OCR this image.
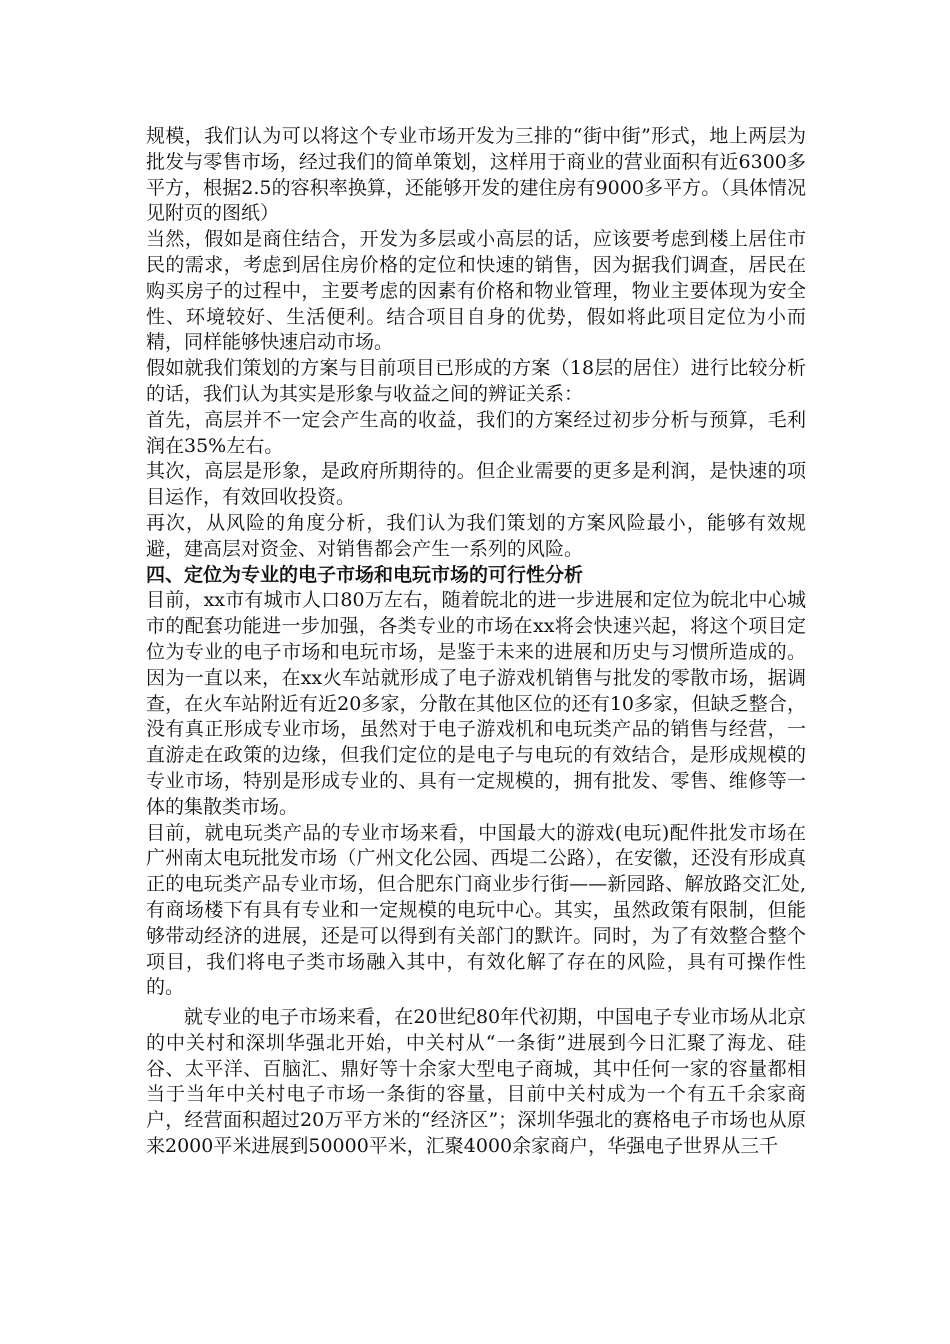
规模，我们认为可以将这个专业市场开发为三排的“街中街”形式，地上两层为批发与零售市场，经过我们的简单策划，这样用于商业的营业面积有近6300多平方，根据2.5的容积率换算，还能够开发的建住房有9000多平方。（具体情况见附页的图纸）

当然，假如是商住结合，开发为多层或小高层的话，应该要考虑到楼上居住市民的需求，考虑到居住房价格的定位和快速的销售，因为据我们调查，居民在购买房子的过程中，主要考虑的因素有价格和物业管理，物业主要体现为安全性、环境较好、生活便利。结合项目自身的优势，假如将此项目定位为小而精，同样能够快速启动市场。

假如就我们策划的方案与目前项目已形成的方案（18层的居住）进行比较分析的话，我们认为其实是形象与收益之间的辨证关系：

首先，高层并不一定会产生高的收益，我们的方案经过初步分析与预算，毛利润在35%左右。

其次，高层是形象，是政府所期待的。但企业需要的更多是利润，是快速的项目运作，有效回收投资。

再次，从风险的角度分析，我们认为我们策划的方案风险最小，能够有效规避，建高层对资金、对销售都会产生一系列的风险。

四、定位为专业的电子市场和电玩市场的可行性分析

目前，xx市有城市人口80万左右，随着皖北的进一步进展和定位为皖北中心城市的配套功能进一步加强，各类专业的市场在xx将会快速兴起，将这个项目定位为专业的电子市场和电玩市场，是鉴于未来的进展和历史与习惯所造成的。因为一直以来，在xx火车站就形成了电子游戏机销售与批发的零散市场，据调查，在火车站附近有近20多家，分散在其他区位的还有10多家，但缺乏整合，没有真正形成专业市场，虽然对于电子游戏机和电玩类产品的销售与经营，一直游走在政策的边缘，但我们定位的是电子与电玩的有效结合，是形成规模的专业市场，特别是形成专业的、具有一定规模的，拥有批发、零售、维修等一体的集散类市场。

目前，就电玩类产品的专业市场来看，中国最大的游戏(电玩)配件批发市场在广州南太电玩批发市场（广州文化公园、西堤二公路），在安徽，还没有形成真正的电玩类产品专业市场，但合肥东门商业步行街——新园路、解放路交汇处,有商场楼下有具有专业和一定规模的电玩中心。其实，虽然政策有限制，但能够带动经济的进展，还是可以得到有关部门的默许。同时，为了有效整合整个项目，我们将电子类市场融入其中，有效化解了存在的风险，具有可操作性的。

就专业的电子市场来看，在20世纪80年代初期，中国电子专业市场从北京的中关村和深圳华强北开始，中关村从“一条街”进展到今日汇聚了海龙、硅谷、太平洋、百脑汇、鼎好等十余家大型电子商城，其中任何一家的容量都相当于当年中关村电子市场一条街的容量，目前中关村成为一个有五千余家商户，经营面积超过20万平方米的“经济区”；深圳华强北的赛格电子市场也从原来2000平米进展到50000平米，汇聚4000余家商户，华强电子世界从三千
